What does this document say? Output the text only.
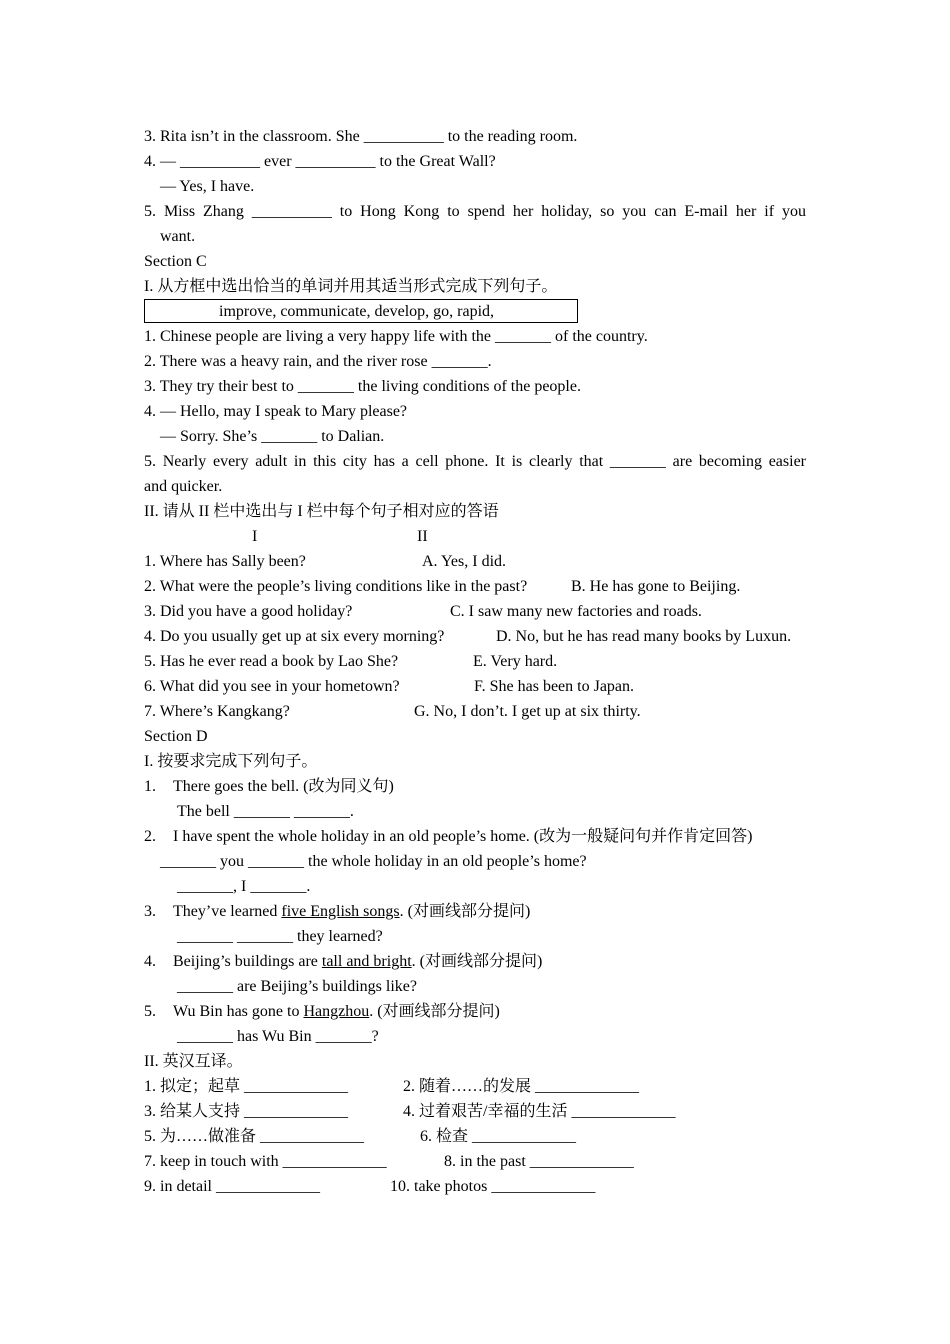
3. Rita isn’t in the classroom. She __________ to the reading room.
4. — __________ ever __________ to the Great Wall?
— Yes, I have.
5. Miss Zhang __________ to Hong Kong to spend her holiday, so you can E-mail her if you
want.
Section C
I. 从方框中选出恰当的单词并用其适当形式完成下列句子。
improve, communicate, develop, go, rapid,
1. Chinese people are living a very happy life with the _______ of the country.
2. There was a heavy rain, and the river rose _______.
3. They try their best to _______ the living conditions of the people.
4. — Hello, may I speak to Mary please?
— Sorry. She’s _______ to Dalian.
5. Nearly every adult in this city has a cell phone. It is clearly that _______ are becoming easier
and quicker.
II. 请从 II 栏中选出与 I 栏中每个句子相对应的答语
I	II
1. Where has Sally been?	A. Yes, I did.
2. What were the people’s living conditions like in the past?	B. He has gone to Beijing.
3. Did you have a good holiday?	C. I saw many new factories and roads.
4. Do you usually get up at six every morning?	D. No, but he has read many books by Luxun.
5. Has he ever read a book by Lao She?	E. Very hard.
6. What did you see in your hometown?	F. She has been to Japan.
7. Where’s Kangkang?	G. No, I don’t. I get up at six thirty.
Section D
I. 按要求完成下列句子。
1. There goes the bell. (改为同义句)
The bell _______ _______.
2. I have spent the whole holiday in an old people’s home. (改为一般疑问句并作肯定回答)
_______ you _______ the whole holiday in an old people’s home?
_______, I _______.
3. They’ve learned five English songs. (对画线部分提问)
_______ _______ they learned?
4. Beijing’s buildings are tall and bright. (对画线部分提问)
_______ are Beijing’s buildings like?
5. Wu Bin has gone to Hangzhou. (对画线部分提问)
_______ has Wu Bin _______?
II. 英汉互译。
1. 拟定；起草 _____________	2. 随着……的发展 _____________
3. 给某人支持 _____________	4. 过着艰苦/幸福的生活 _____________
5. 为……做准备 _____________	6. 检查 _____________
7. keep in touch with _____________	8. in the past _____________
9. in detail _____________	10. take photos _____________
